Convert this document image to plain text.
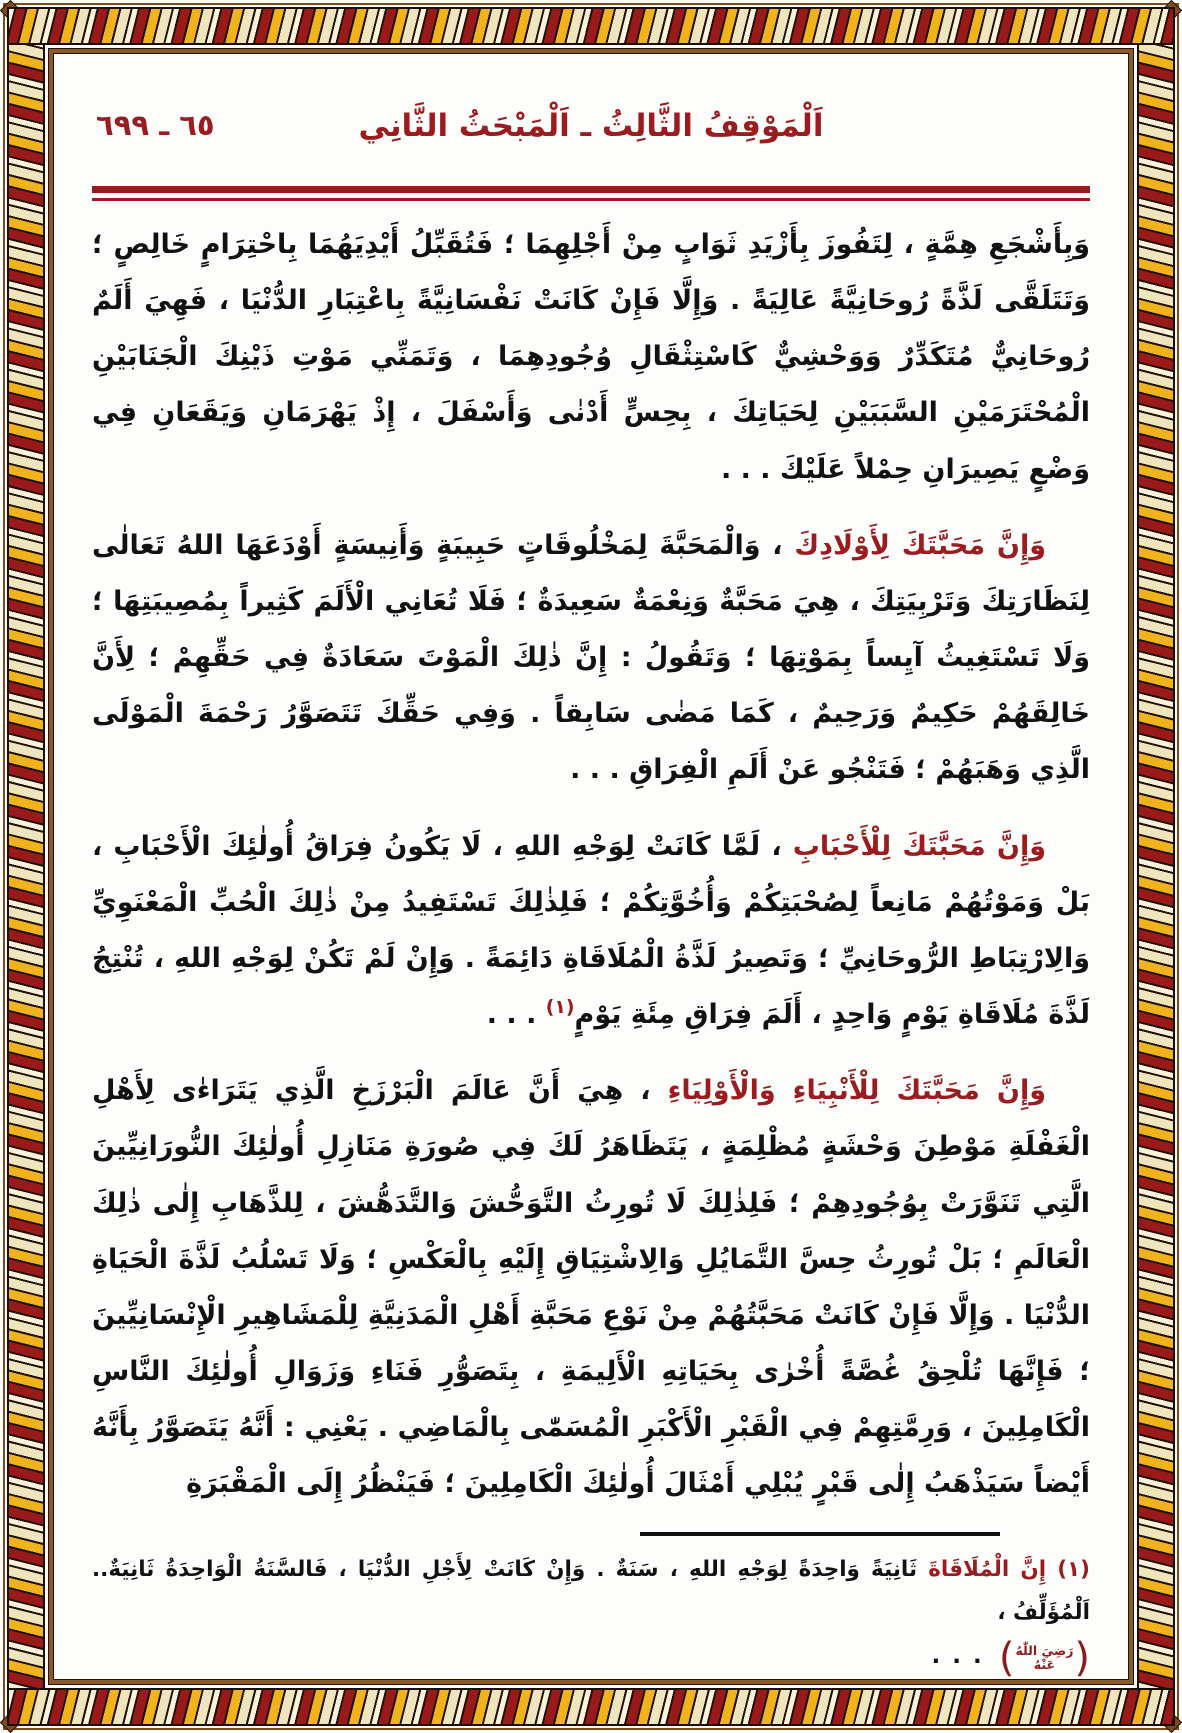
اَلْمَوْقِفُ الثَّالِثُ ـ اَلْمَبْحَثُ الثَّانِي
٦٥ ـ ٦٩٩

وَبِأَشْجَعِ هِمَّةٍ ، لِتَفُوزَ بِأَزْيَدِ ثَوَابٍ مِنْ أَجْلِهِمَا ؛ فَتُقَبِّلُ أَيْدِيَهُمَا بِاحْتِرَامٍ خَالِصٍ ؛ وَتَتَلَقَّى لَذَّةً رُوحَانِيَّةً عَالِيَةً . وَإِلَّا فَإِنْ كَانَتْ نَفْسَانِيَّةً بِاعْتِبَارِ الدُّنْيَا ، فَهِيَ أَلَمٌ رُوحَانِيٌّ مُتَكَدِّرٌ وَوَحْشِيٌّ كَاسْتِثْقَالِ وُجُودِهِمَا ، وَتَمَنِّي مَوْتِ ذَيْنِكَ الْجَنَابَيْنِ الْمُحْتَرَمَيْنِ السَّبَبَيْنِ لِحَيَاتِكَ ، بِحِسٍّ أَدْنٰى وَأَسْفَلَ ، إِذْ يَهْرَمَانِ وَيَقَعَانِ فِي وَضْعٍ يَصِيرَانِ حِمْلاً عَلَيْكَ . . .

وَإِنَّ مَحَبَّتَكَ لِأَوْلَادِكَ ، وَالْمَحَبَّةَ لِمَخْلُوقَاتٍ حَبِيبَةٍ وَأَنِيسَةٍ أَوْدَعَهَا اللهُ تَعَالٰى لِنَظَارَتِكَ وَتَرْبِيَتِكَ ، هِيَ مَحَبَّةٌ وَنِعْمَةٌ سَعِيدَةٌ ؛ فَلَا تُعَانِي الْأَلَمَ كَثِيراً بِمُصِيبَتِهَا ؛ وَلَا تَسْتَغِيثُ آيِساً بِمَوْتِهَا ؛ وَتَقُولُ : إِنَّ ذٰلِكَ الْمَوْتَ سَعَادَةٌ فِي حَقِّهِمْ ؛ لِأَنَّ خَالِقَهُمْ حَكِيمٌ وَرَحِيمٌ ، كَمَا مَضٰى سَابِقاً . وَفِي حَقِّكَ تَتَصَوَّرُ رَحْمَةَ الْمَوْلَى الَّذِي وَهَبَهُمْ ؛ فَتَنْجُو عَنْ أَلَمِ الْفِرَاقِ . . .

وَإِنَّ مَحَبَّتَكَ لِلْأَحْبَابِ ، لَمَّا كَانَتْ لِوَجْهِ اللهِ ، لَا يَكُونُ فِرَاقُ أُولٰئِكَ الْأَحْبَابِ ، بَلْ وَمَوْتُهُمْ مَانِعاً لِصُحْبَتِكُمْ وَأُخُوَّتِكُمْ ؛ فَلِذٰلِكَ تَسْتَفِيدُ مِنْ ذٰلِكَ الْحُبِّ الْمَعْنَوِيِّ وَالِارْتِبَاطِ الرُّوحَانِيِّ ؛ وَتَصِيرُ لَذَّةُ الْمُلَاقَاةِ دَائِمَةً . وَإِنْ لَمْ تَكُنْ لِوَجْهِ اللهِ ، تُنْتِجُ لَذَّةَ مُلَاقَاةِ يَوْمٍ وَاحِدٍ ، أَلَمَ فِرَاقِ مِئَةِ يَوْمٍ$^{(١)}$ . . .

وَإِنَّ مَحَبَّتَكَ لِلْأَنْبِيَاءِ وَالْأَوْلِيَاءِ ، هِيَ أَنَّ عَالَمَ الْبَرْزَخِ الَّذِي يَتَرَاءٰى لِأَهْلِ الْغَفْلَةِ مَوْطِنَ وَحْشَةٍ مُظْلِمَةٍ ، يَتَظَاهَرُ لَكَ فِي صُورَةِ مَنَازِلِ أُولٰئِكَ النُّورَانِيِّينَ الَّتِي تَنَوَّرَتْ بِوُجُودِهِمْ ؛ فَلِذٰلِكَ لَا تُورِثُ التَّوَحُّشَ وَالتَّدَهُّشَ ، لِلذَّهَابِ إِلٰى ذٰلِكَ الْعَالَمِ ؛ بَلْ تُورِثُ حِسَّ التَّمَايُلِ وَالِاشْتِيَاقِ إِلَيْهِ بِالْعَكْسِ ؛ وَلَا تَسْلُبُ لَذَّةَ الْحَيَاةِ الدُّنْيَا . وَإِلَّا فَإِنْ كَانَتْ مَحَبَّتُهُمْ مِنْ نَوْعِ مَحَبَّةِ أَهْلِ الْمَدَنِيَّةِ لِلْمَشَاهِيرِ الْإِنْسَانِيِّينَ ؛ فَإِنَّهَا تُلْحِقُ غُصَّةً أُخْرٰى بِحَيَاتِهِ الْأَلِيمَةِ ، بِتَصَوُّرِ فَنَاءِ وَزَوَالِ أُولٰئِكَ النَّاسِ الْكَامِلِينَ ، وَرِمَّتِهِمْ فِي الْقَبْرِ الْأَكْبَرِ الْمُسَمّٰى بِالْمَاضِي . يَعْنِي : أَنَّهُ يَتَصَوَّرُ بِأَنَّهُ أَيْضاً سَيَذْهَبُ إِلٰى قَبْرٍ يُبْلِي أَمْثَالَ أُولٰئِكَ الْكَامِلِينَ ؛ فَيَنْظُرُ إِلَى الْمَقْبَرَةِ

(١) إِنَّ الْمُلَاقَاةَ ثَانِيَةً وَاحِدَةً لِوَجْهِ اللهِ ، سَنَةٌ . وَإِنْ كَانَتْ لِأَجْلِ الدُّنْيَا ، فَالسَّنَةُ الْوَاحِدَةُ ثَانِيَةٌ.. اَلْمُؤَلِّفُ ،
(
رَضِيَ اللّٰهُ
عَنْهُ
)
. . .
